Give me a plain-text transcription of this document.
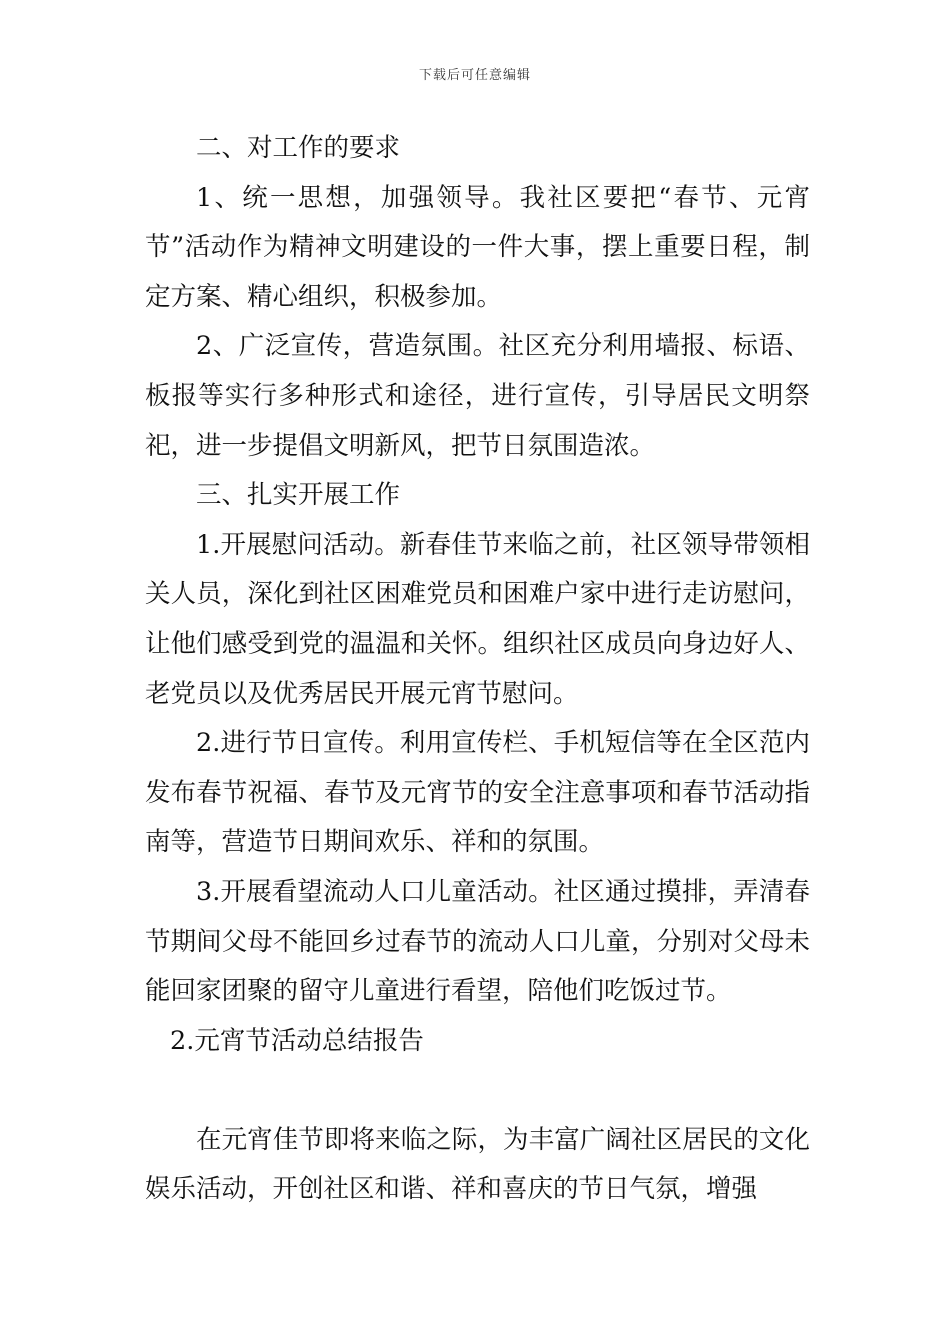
下载后可任意编辑

二、对工作的要求

1、统一思想，加强领导。我社区要把“春节、元宵节”活动作为精神文明建设的一件大事，摆上重要日程，制定方案、精心组织，积极参加。

2、广泛宣传，营造氛围。社区充分利用墙报、标语、板报等实行多种形式和途径，进行宣传，引导居民文明祭祀，进一步提倡文明新风，把节日氛围造浓。

三、扎实开展工作

1.开展慰问活动。新春佳节来临之前，社区领导带领相关人员，深化到社区困难党员和困难户家中进行走访慰问，让他们感受到党的温温和关怀。组织社区成员向身边好人、老党员以及优秀居民开展元宵节慰问。

2.进行节日宣传。利用宣传栏、手机短信等在全区范内发布春节祝福、春节及元宵节的安全注意事项和春节活动指南等，营造节日期间欢乐、祥和的氛围。

3.开展看望流动人口儿童活动。社区通过摸排，弄清春节期间父母不能回乡过春节的流动人口儿童，分别对父母未能回家团聚的留守儿童进行看望，陪他们吃饭过节。

2.元宵节活动总结报告

在元宵佳节即将来临之际，为丰富广阔社区居民的文化娱乐活动，开创社区和谐、祥和喜庆的节日气氛，增强
